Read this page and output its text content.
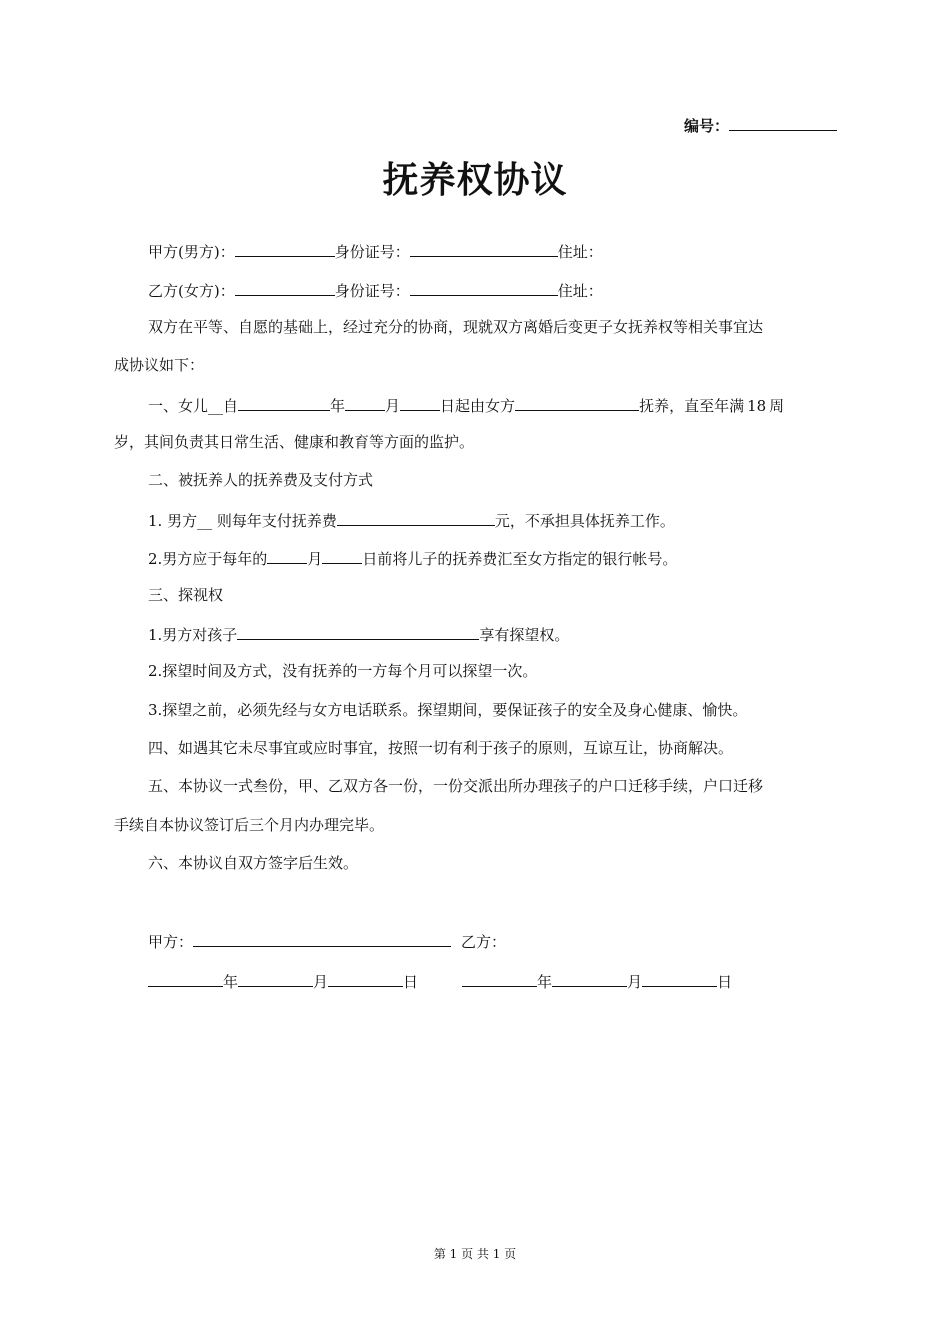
编号：
抚养权协议
甲方(男方)：	身份证号：	住址：
乙方(女方)：	身份证号：	住址：
双方在平等、自愿的基础上，经过充分的协商，现就双方离婚后变更子女抚养权等相关事宜达
成协议如下：
一、女儿__自	年	月	日起由女方	抚养，直至年满 18 周
岁，其间负责其日常生活、健康和教育等方面的监护。
二、被抚养人的抚养费及支付方式
1. 男方__ 则每年支付抚养费	元，不承担具体抚养工作。
2.男方应于每年的	月	日前将儿子的抚养费汇至女方指定的银行帐号。
三、探视权
1.男方对孩子	享有探望权。
2.探望时间及方式，没有抚养的一方每个月可以探望一次。
3.探望之前，必须先经与女方电话联系。探望期间，要保证孩子的安全及身心健康、愉快。
四、如遇其它未尽事宜或应时事宜，按照一切有利于孩子的原则，互谅互让，协商解决。
五、本协议一式叁份，甲、乙双方各一份，一份交派出所办理孩子的户口迁移手续，户口迁移
手续自本协议签订后三个月内办理完毕。
六、本协议自双方签字后生效。
甲方：	乙方：
年	月	日	年	月	日
第 1 页 共 1 页
